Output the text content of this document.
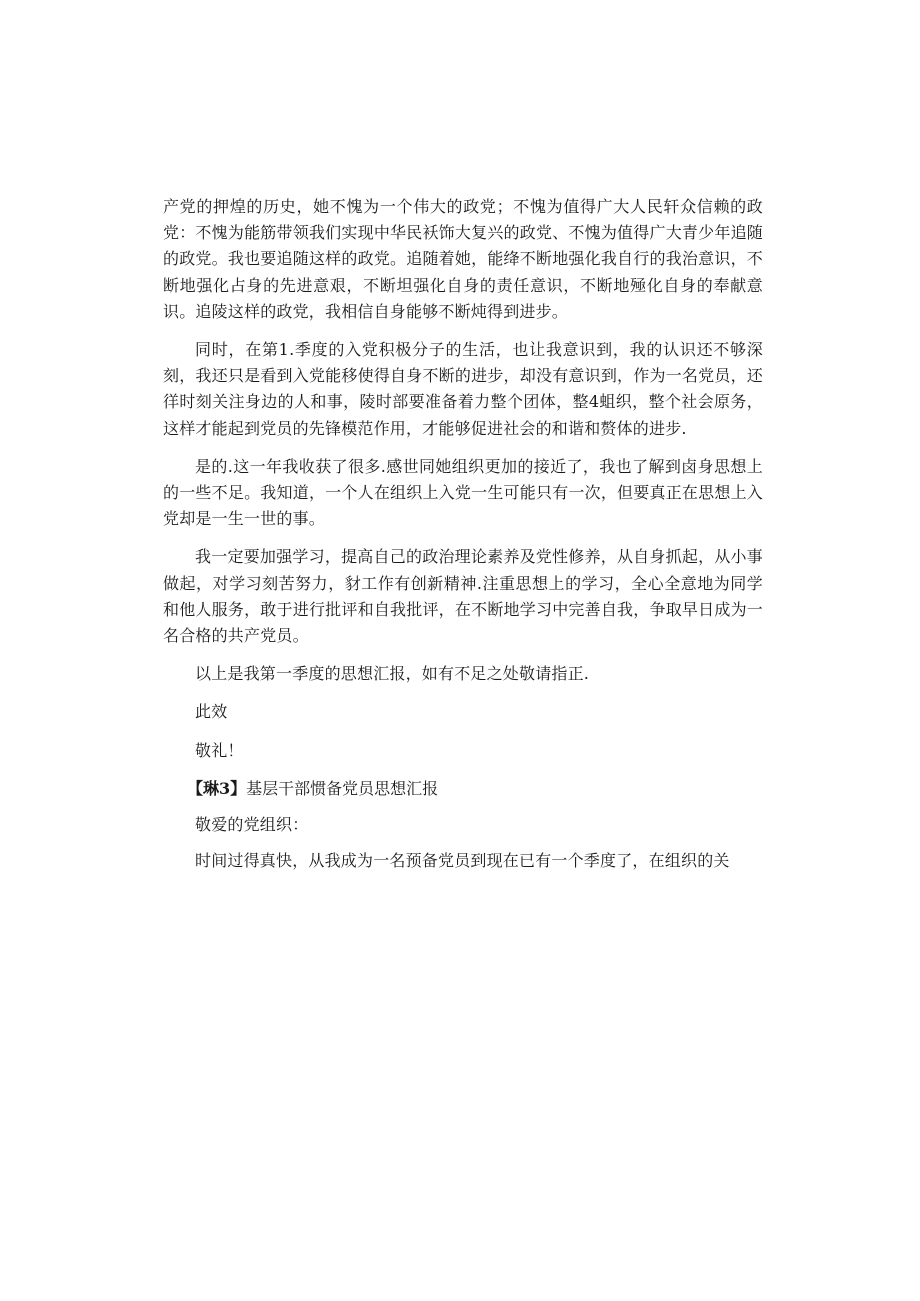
产党的押煌的历史，她不愧为一个伟大的政党；不愧为值得广大人民轩众信赖的政党：不愧为能筋带领我们实现中华民袄饰大复兴的政党、不愧为值得广大青少年追随的政党。我也要追随这样的政党。追随着她，能绛不断地强化我自行的我治意识，不断地强化占身的先进意艰，不断坦强化自身的责任意识，不断地殛化自身的奉献意识。追陵这样的政党，我相信自身能够不断炖得到进步。

同时，在第1.季度的入党积极分子的生活，也让我意识到，我的认识还不够深刻，我还只是看到入党能移使得自身不断的进步，却没有意识到，作为一名党员，还徉时刻关注身边的人和事，陵时部要准备着力整个团体，整4蛆织，整个社会原务，这样才能起到党员的先锋模范作用，才能够促进社会的和谐和赘体的进步.

是的.这一年我收获了很多.感世同她组织更加的接近了，我也了解到卤身思想上的一些不足。我知道，一个人在组织上入党一生可能只有一次，但要真正在思想上入党却是一生一世的事。

我一定要加强学习，提高自己的政治理论素养及党性修养，从自身抓起，从小事做起，对学习刻苦努力，豺工作有创新精神.注重思想上的学习，全心全意地为同学和他人服务，敢于进行批评和自我批评，在不断地学习中完善自我，争取早日成为一名合格的共产党员。

以上是我第一季度的思想汇报，如有不足之处敬请指正.

此效

敬礼！

【琳3】基层干部惯备党员思想汇报

敬爱的党组织：

时间过得真快，从我成为一名预备党员到现在已有一个季度了，在组织的关
